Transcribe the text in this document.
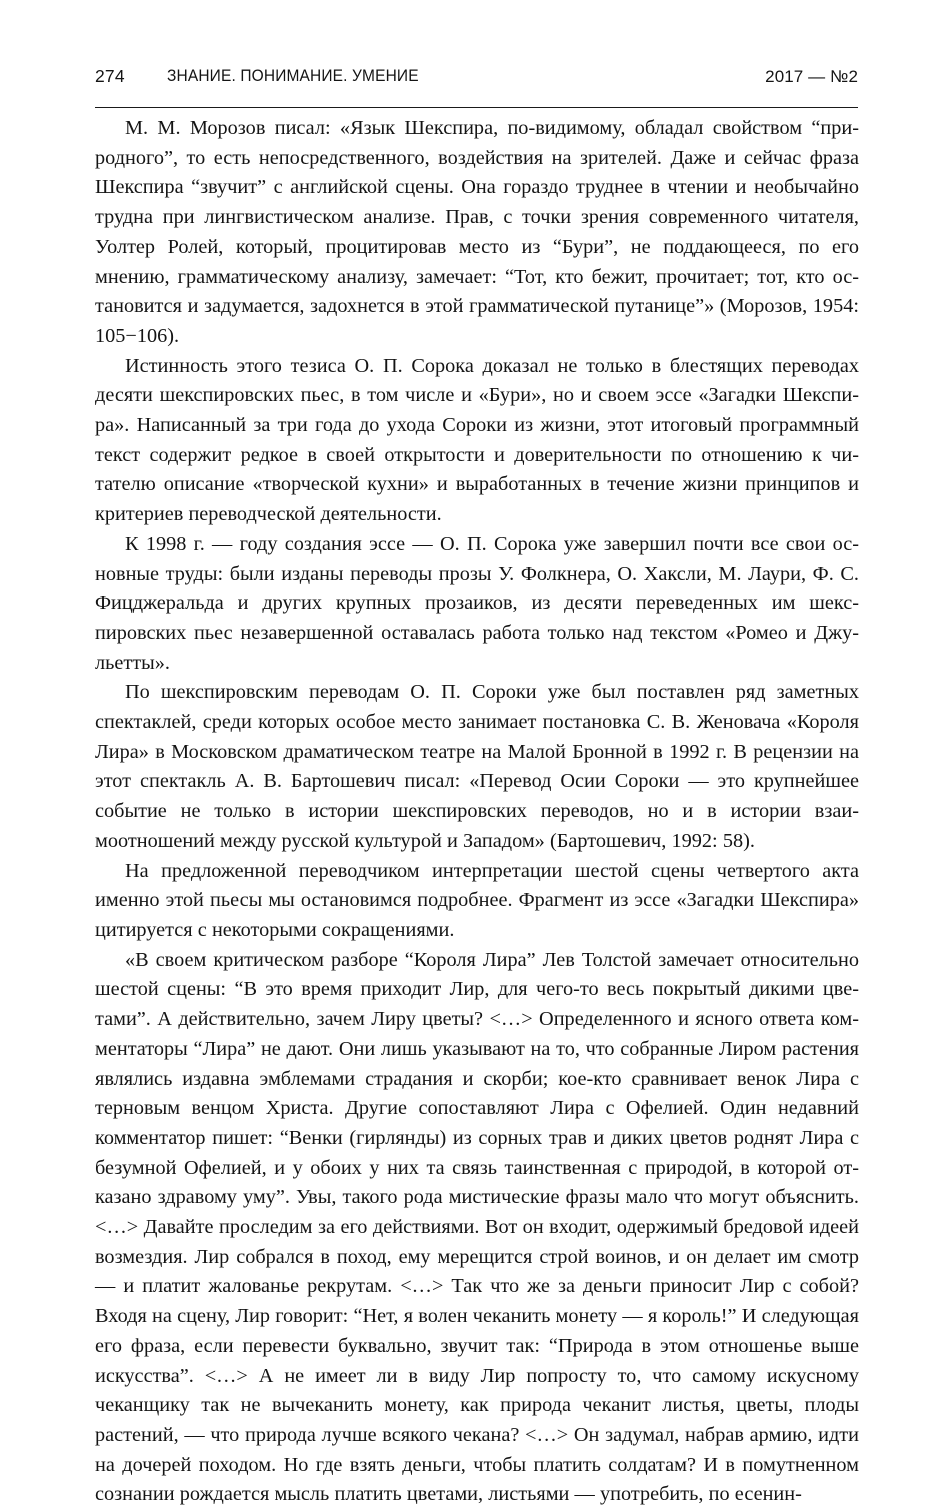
274	ЗНАНИЕ. ПОНИМАНИЕ. УМЕНИЕ	2017 — №2

М. М. Морозов писал: «Язык Шекспира, по-видимому, обладал свойством “природного”, то есть непосредственного, воздействия на зрителей. Даже и сейчас фраза Шекспира “звучит” с английской сцены. Она гораздо труднее в чтении и необычайно трудна при лингвистическом анализе. Прав, с точки зрения современного читателя, Уолтер Ролей, который, процитировав место из “Бури”, не поддающееся, по его мнению, грамматическому анализу, замечает: “Тот, кто бежит, прочитает; тот, кто остановится и задумается, задохнется в этой грамматической путанице”» (Морозов, 1954: 105−106).

Истинность этого тезиса О. П. Сорока доказал не только в блестящих переводах десяти шекспировских пьес, в том числе и «Бури», но и своем эссе «Загадки Шекспира». Написанный за три года до ухода Сороки из жизни, этот итоговый программный текст содержит редкое в своей открытости и доверительности по отношению к читателю описание «творческой кухни» и выработанных в течение жизни принципов и критериев переводческой деятельности.

К 1998 г. — году создания эссе — О. П. Сорока уже завершил почти все свои основные труды: были изданы переводы прозы У. Фолкнера, О. Хаксли, М. Лаури, Ф. С. Фицджеральда и других крупных прозаиков, из десяти переведенных им шекспировских пьес незавершенной оставалась работа только над текстом «Ромео и Джульетты».

По шекспировским переводам О. П. Сороки уже был поставлен ряд заметных спектаклей, среди которых особое место занимает постановка С. В. Женовача «Короля Лира» в Московском драматическом театре на Малой Бронной в 1992 г. В рецензии на этот спектакль А. В. Бартошевич писал: «Перевод Осии Сороки — это крупнейшее событие не только в истории шекспировских переводов, но и в истории взаимоотношений между русской культурой и Западом» (Бартошевич, 1992: 58).

На предложенной переводчиком интерпретации шестой сцены четвертого акта именно этой пьесы мы остановимся подробнее. Фрагмент из эссе «Загадки Шекспира» цитируется с некоторыми сокращениями.

«В своем критическом разборе “Короля Лира” Лев Толстой замечает относительно шестой сцены: “В это время приходит Лир, для чего-то весь покрытый дикими цветами”. А действительно, зачем Лиру цветы? <…> Определенного и ясного ответа комментаторы “Лира” не дают. Они лишь указывают на то, что собранные Лиром растения являлись издавна эмблемами страдания и скорби; кое-кто сравнивает венок Лира с терновым венцом Христа. Другие сопоставляют Лира с Офелией. Один недавний комментатор пишет: “Венки (гирлянды) из сорных трав и диких цветов роднят Лира с безумной Офелией, и у обоих у них та связь таинственная с природой, в которой отказано здравому уму”. Увы, такого рода мистические фразы мало что могут объяснить. <…> Давайте проследим за его действиями. Вот он входит, одержимый бредовой идеей возмездия. Лир собрался в поход, ему мерещится строй воинов, и он делает им смотр — и платит жалованье рекрутам. <…> Так что же за деньги приносит Лир с собой? Входя на сцену, Лир говорит: “Нет, я волен чеканить монету — я король!” И следующая его фраза, если перевести буквально, звучит так: “Природа в этом отношенье выше искусства”. <…> А не имеет ли в виду Лир попросту то, что самому искусному чеканщику так не вычеканить монету, как природа чеканит листья, цветы, плоды растений, — что природа лучше всякого чекана? <…> Он задумал, набрав армию, идти на дочерей походом. Но где взять деньги, чтобы платить солдатам? И в помутненном сознании рождается мысль платить цветами, листьями — употребить, по есенин-
